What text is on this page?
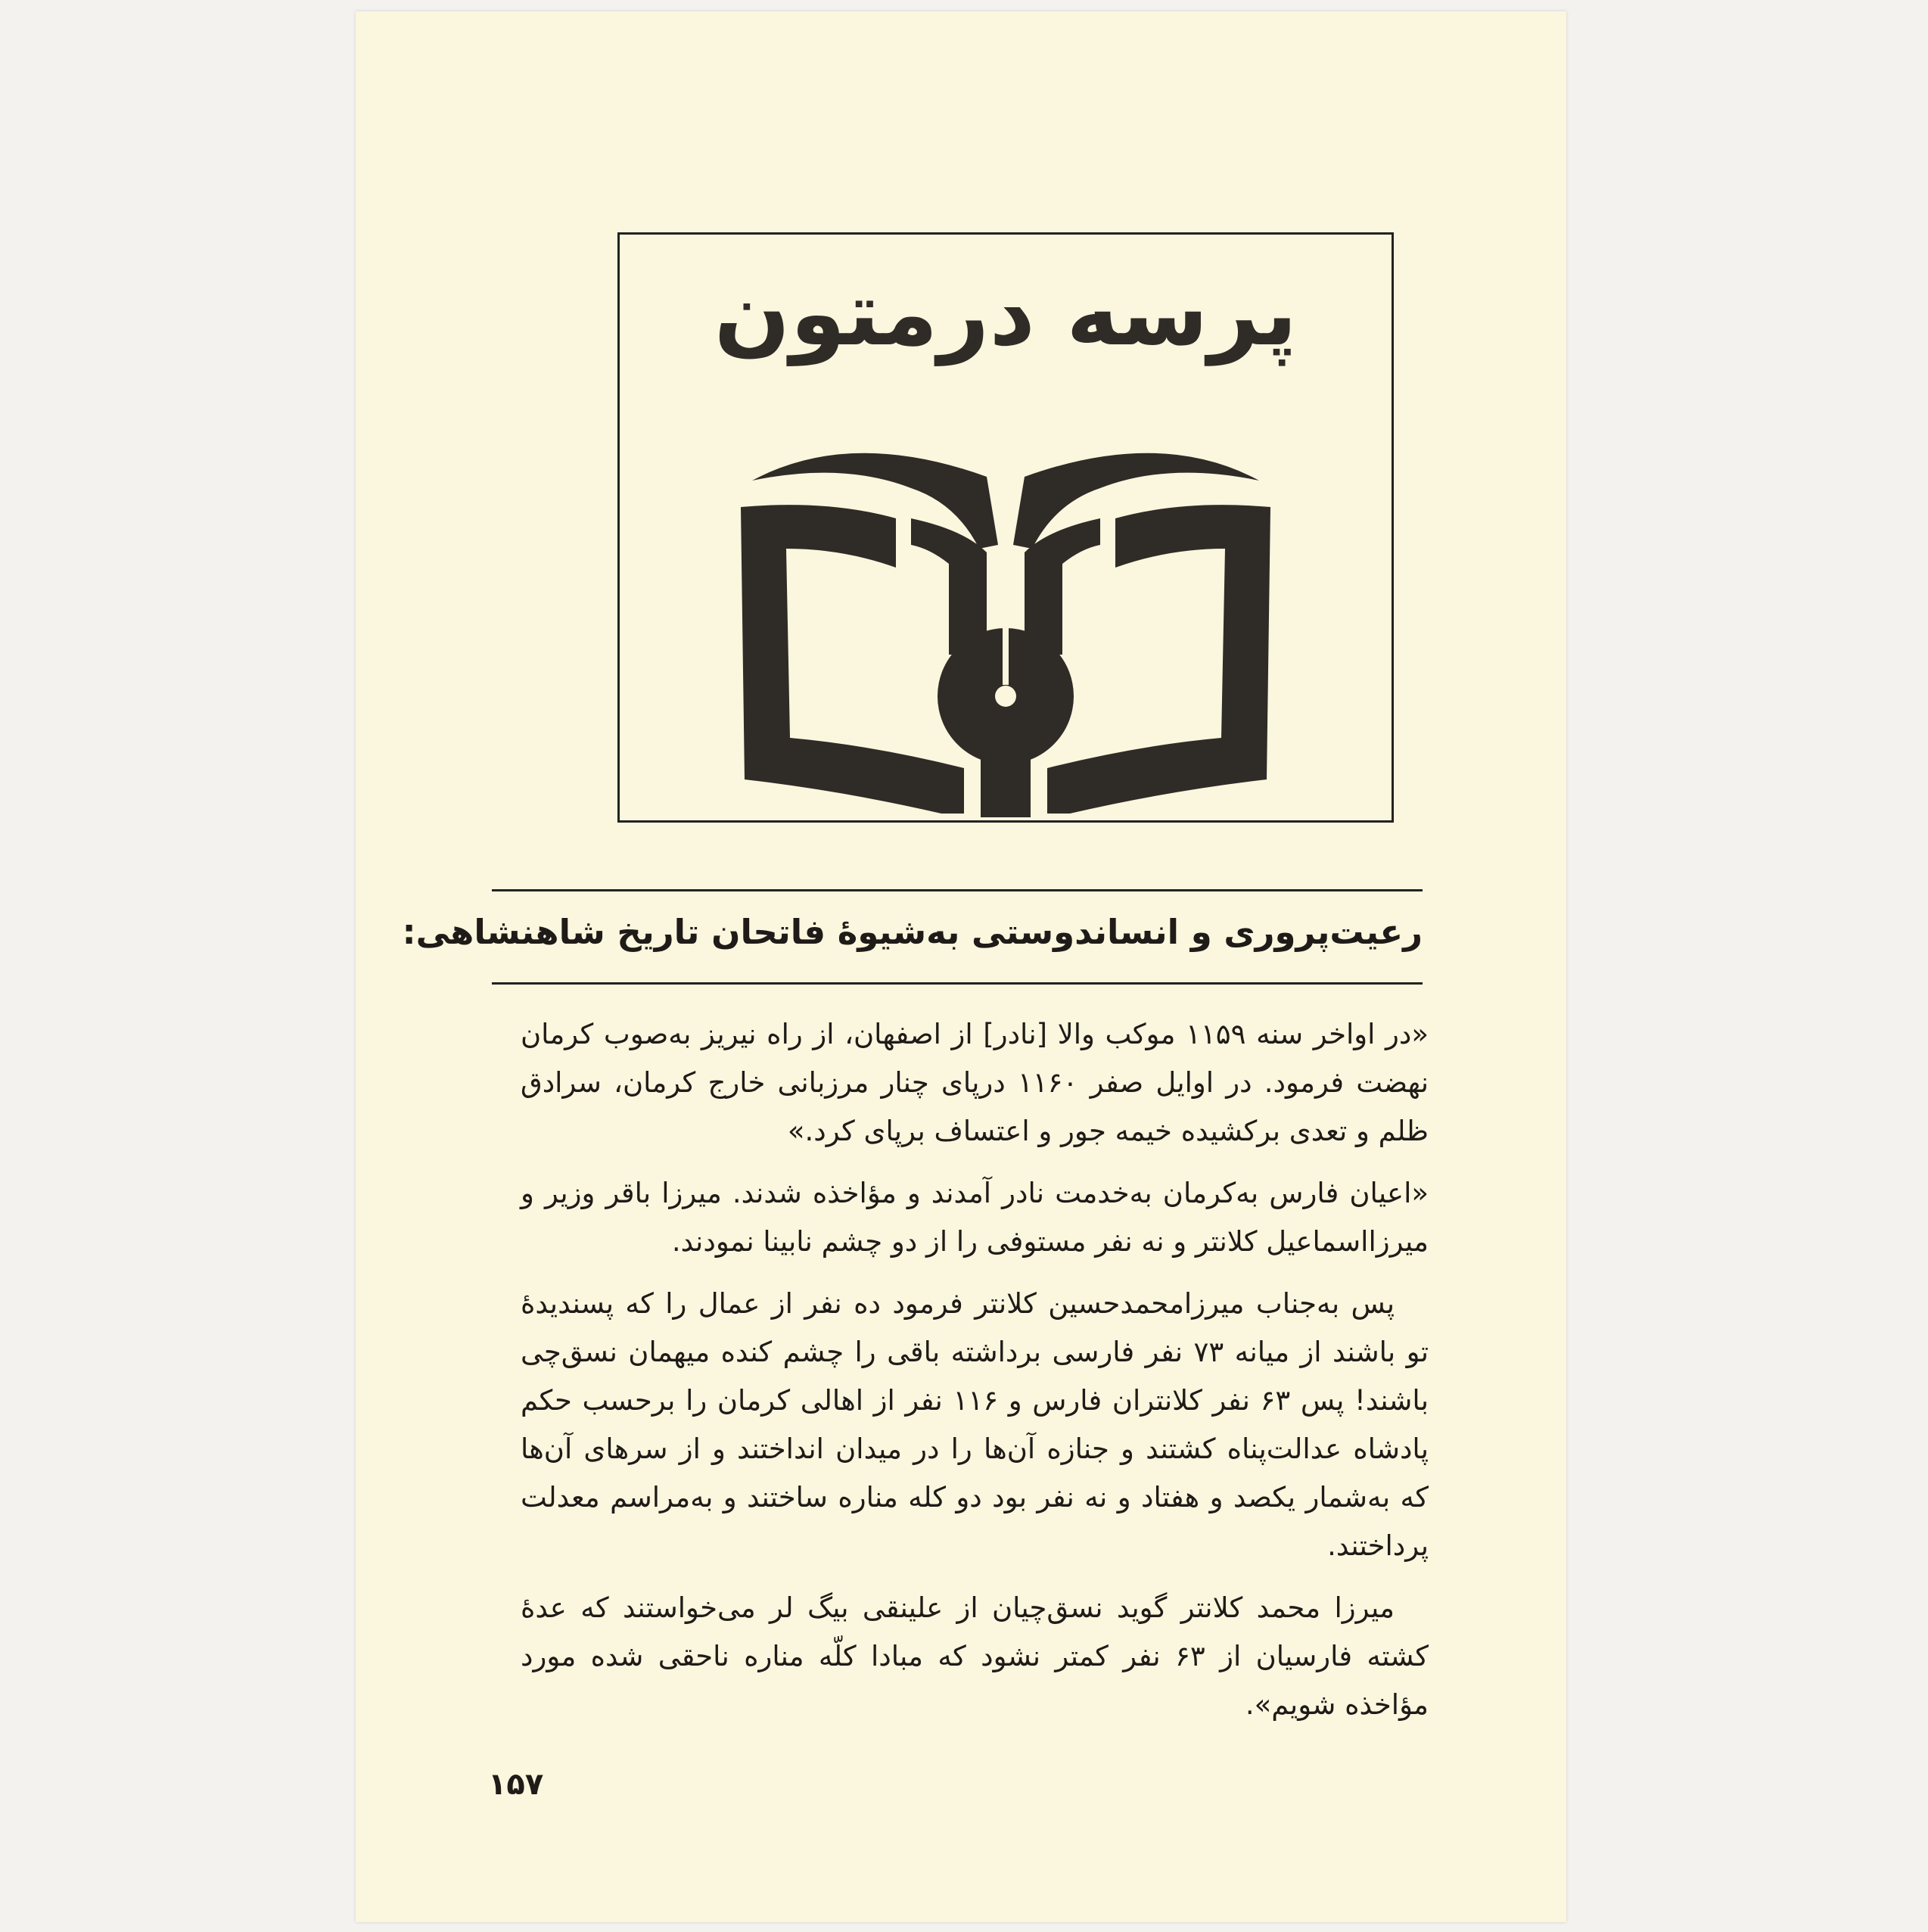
پرسه درمتون
رعیت‌پروری و انساندوستی به‌شیوهٔ فاتحان تاریخ شاهنشاهی:

«در اواخر سنه ۱۱۵۹ موکب والا [نادر] از اصفهان، از راه نیریز به‌صوب کرمان نهضت فرمود. در اوایل صفر ۱۱۶۰ درپای چنار مرزبانی خارج کرمان، سرادق ظلم و تعدی برکشیده خیمه جور و اعتساف برپای کرد.»

«اعیان فارس به‌کرمان به‌خدمت نادر آمدند و مؤاخذه شدند. میرزا باقر وزیر و میرزااسماعیل کلانتر و نه نفر مستوفی را از دو چشم نابینا نمودند.

پس به‌جناب میرزامحمدحسین کلانتر فرمود ده نفر از عمال را که پسندیدهٔ تو باشند از میانه ۷۳ نفر فارسی برداشته باقی را چشم کنده میهمان نسق‌چی باشند! پس ۶۳ نفر کلانتران فارس و ۱۱۶ نفر از اهالی کرمان را برحسب حکم پادشاه عدالت‌پناه کشتند و جنازه آن‌ها را در میدان انداختند و از سرهای آن‌ها که به‌شمار یکصد و هفتاد و نه نفر بود دو کله مناره ساختند و به‌مراسم معدلت پرداختند.

میرزا محمد کلانتر گوید نسق‌چیان از علینقی بیگ لر می‌خواستند که عدهٔ کشته فارسیان از ۶۳ نفر کمتر نشود که مبادا کلّه مناره ناحقی شده مورد مؤاخذه شویم».

۱۵۷
